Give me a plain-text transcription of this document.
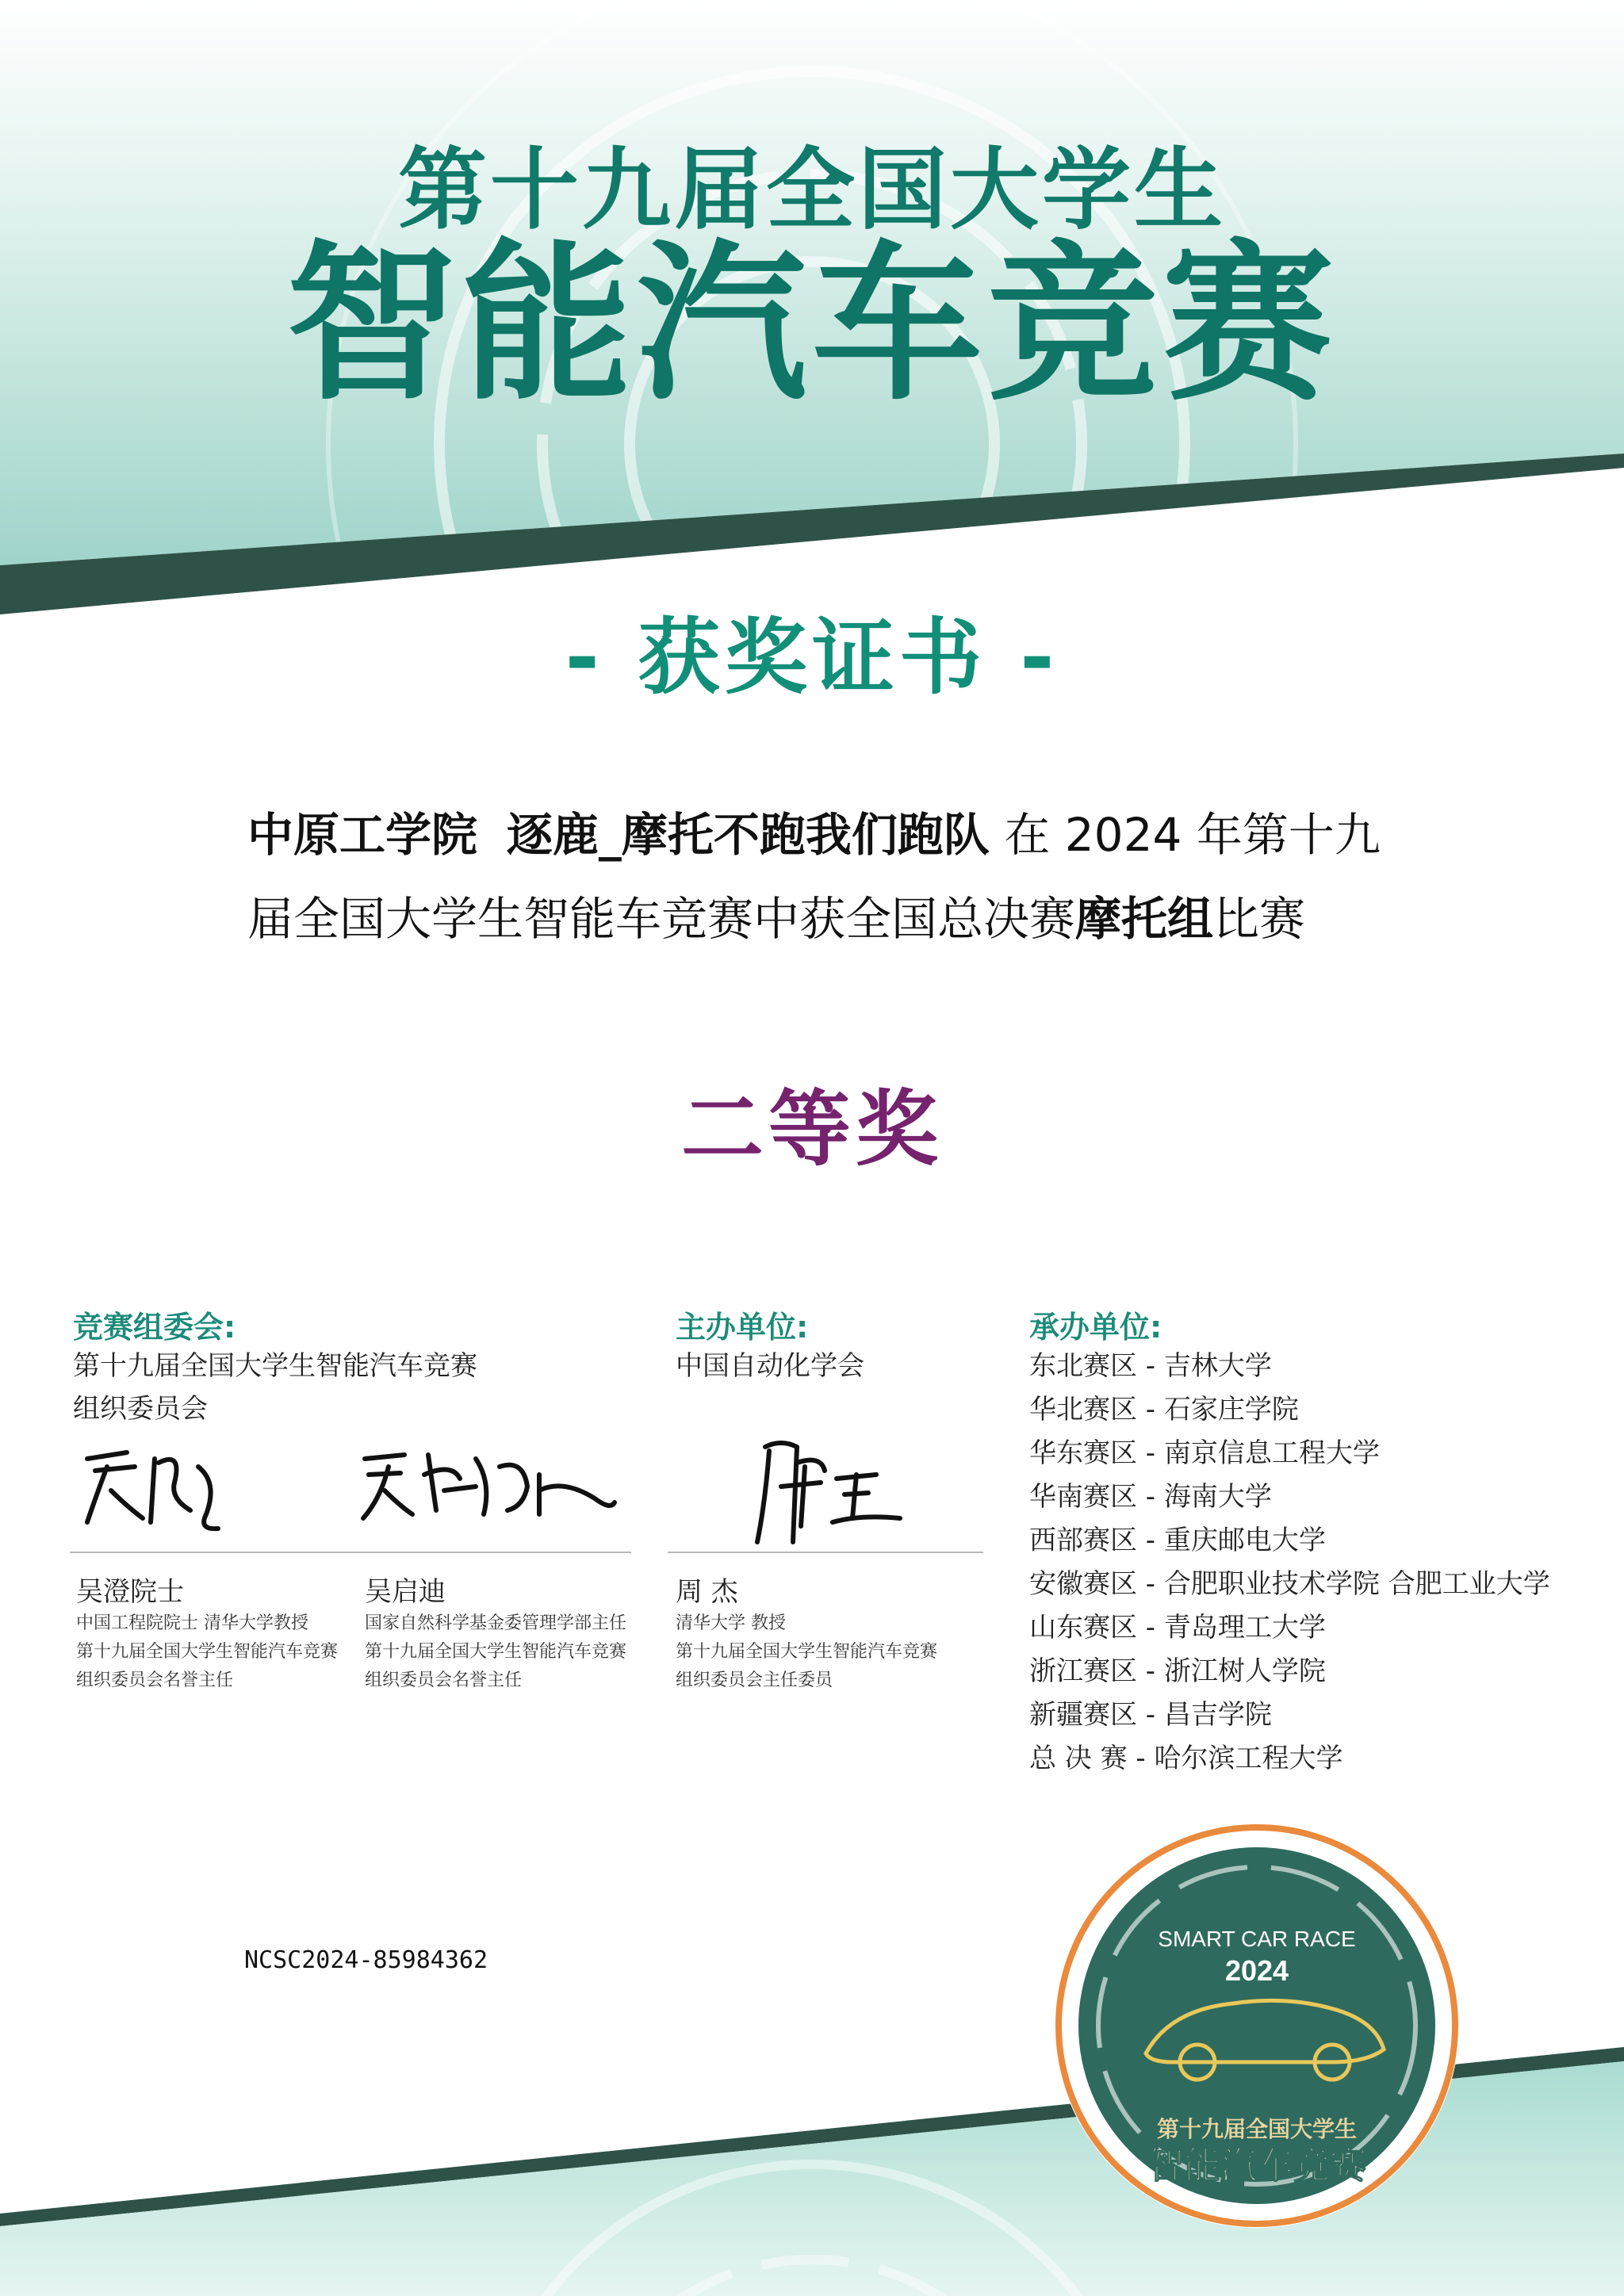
第十九届全国大学生
智能汽车竞赛
- 获奖证书 -
中原工学院 逐鹿_摩托不跑我们跑队 在 2024 年第十九届全国大学生智能车竞赛中获全国总决赛摩托组比赛
二等奖
竞赛组委会:
第十九届全国大学生智能汽车竞赛
组织委员会
吴澄院士
中国工程院院士 清华大学教授
第十九届全国大学生智能汽车竞赛
组织委员会名誉主任
吴启迪
国家自然科学基金委管理学部主任
第十九届全国大学生智能汽车竞赛
组织委员会名誉主任
主办单位:
中国自动化学会
周 杰
清华大学 教授
第十九届全国大学生智能汽车竞赛
组织委员会主任委员
承办单位:
东北赛区 - 吉林大学
华北赛区 - 石家庄学院
华东赛区 - 南京信息工程大学
华南赛区 - 海南大学
西部赛区 - 重庆邮电大学
安徽赛区 - 合肥职业技术学院 合肥工业大学
山东赛区 - 青岛理工大学
浙江赛区 - 浙江树人学院
新疆赛区 - 昌吉学院
总 决 赛 - 哈尔滨工程大学
NCSC2024-85984362
SMART CAR RACE
2024
第十九届全国大学生
智能汽车竞赛
